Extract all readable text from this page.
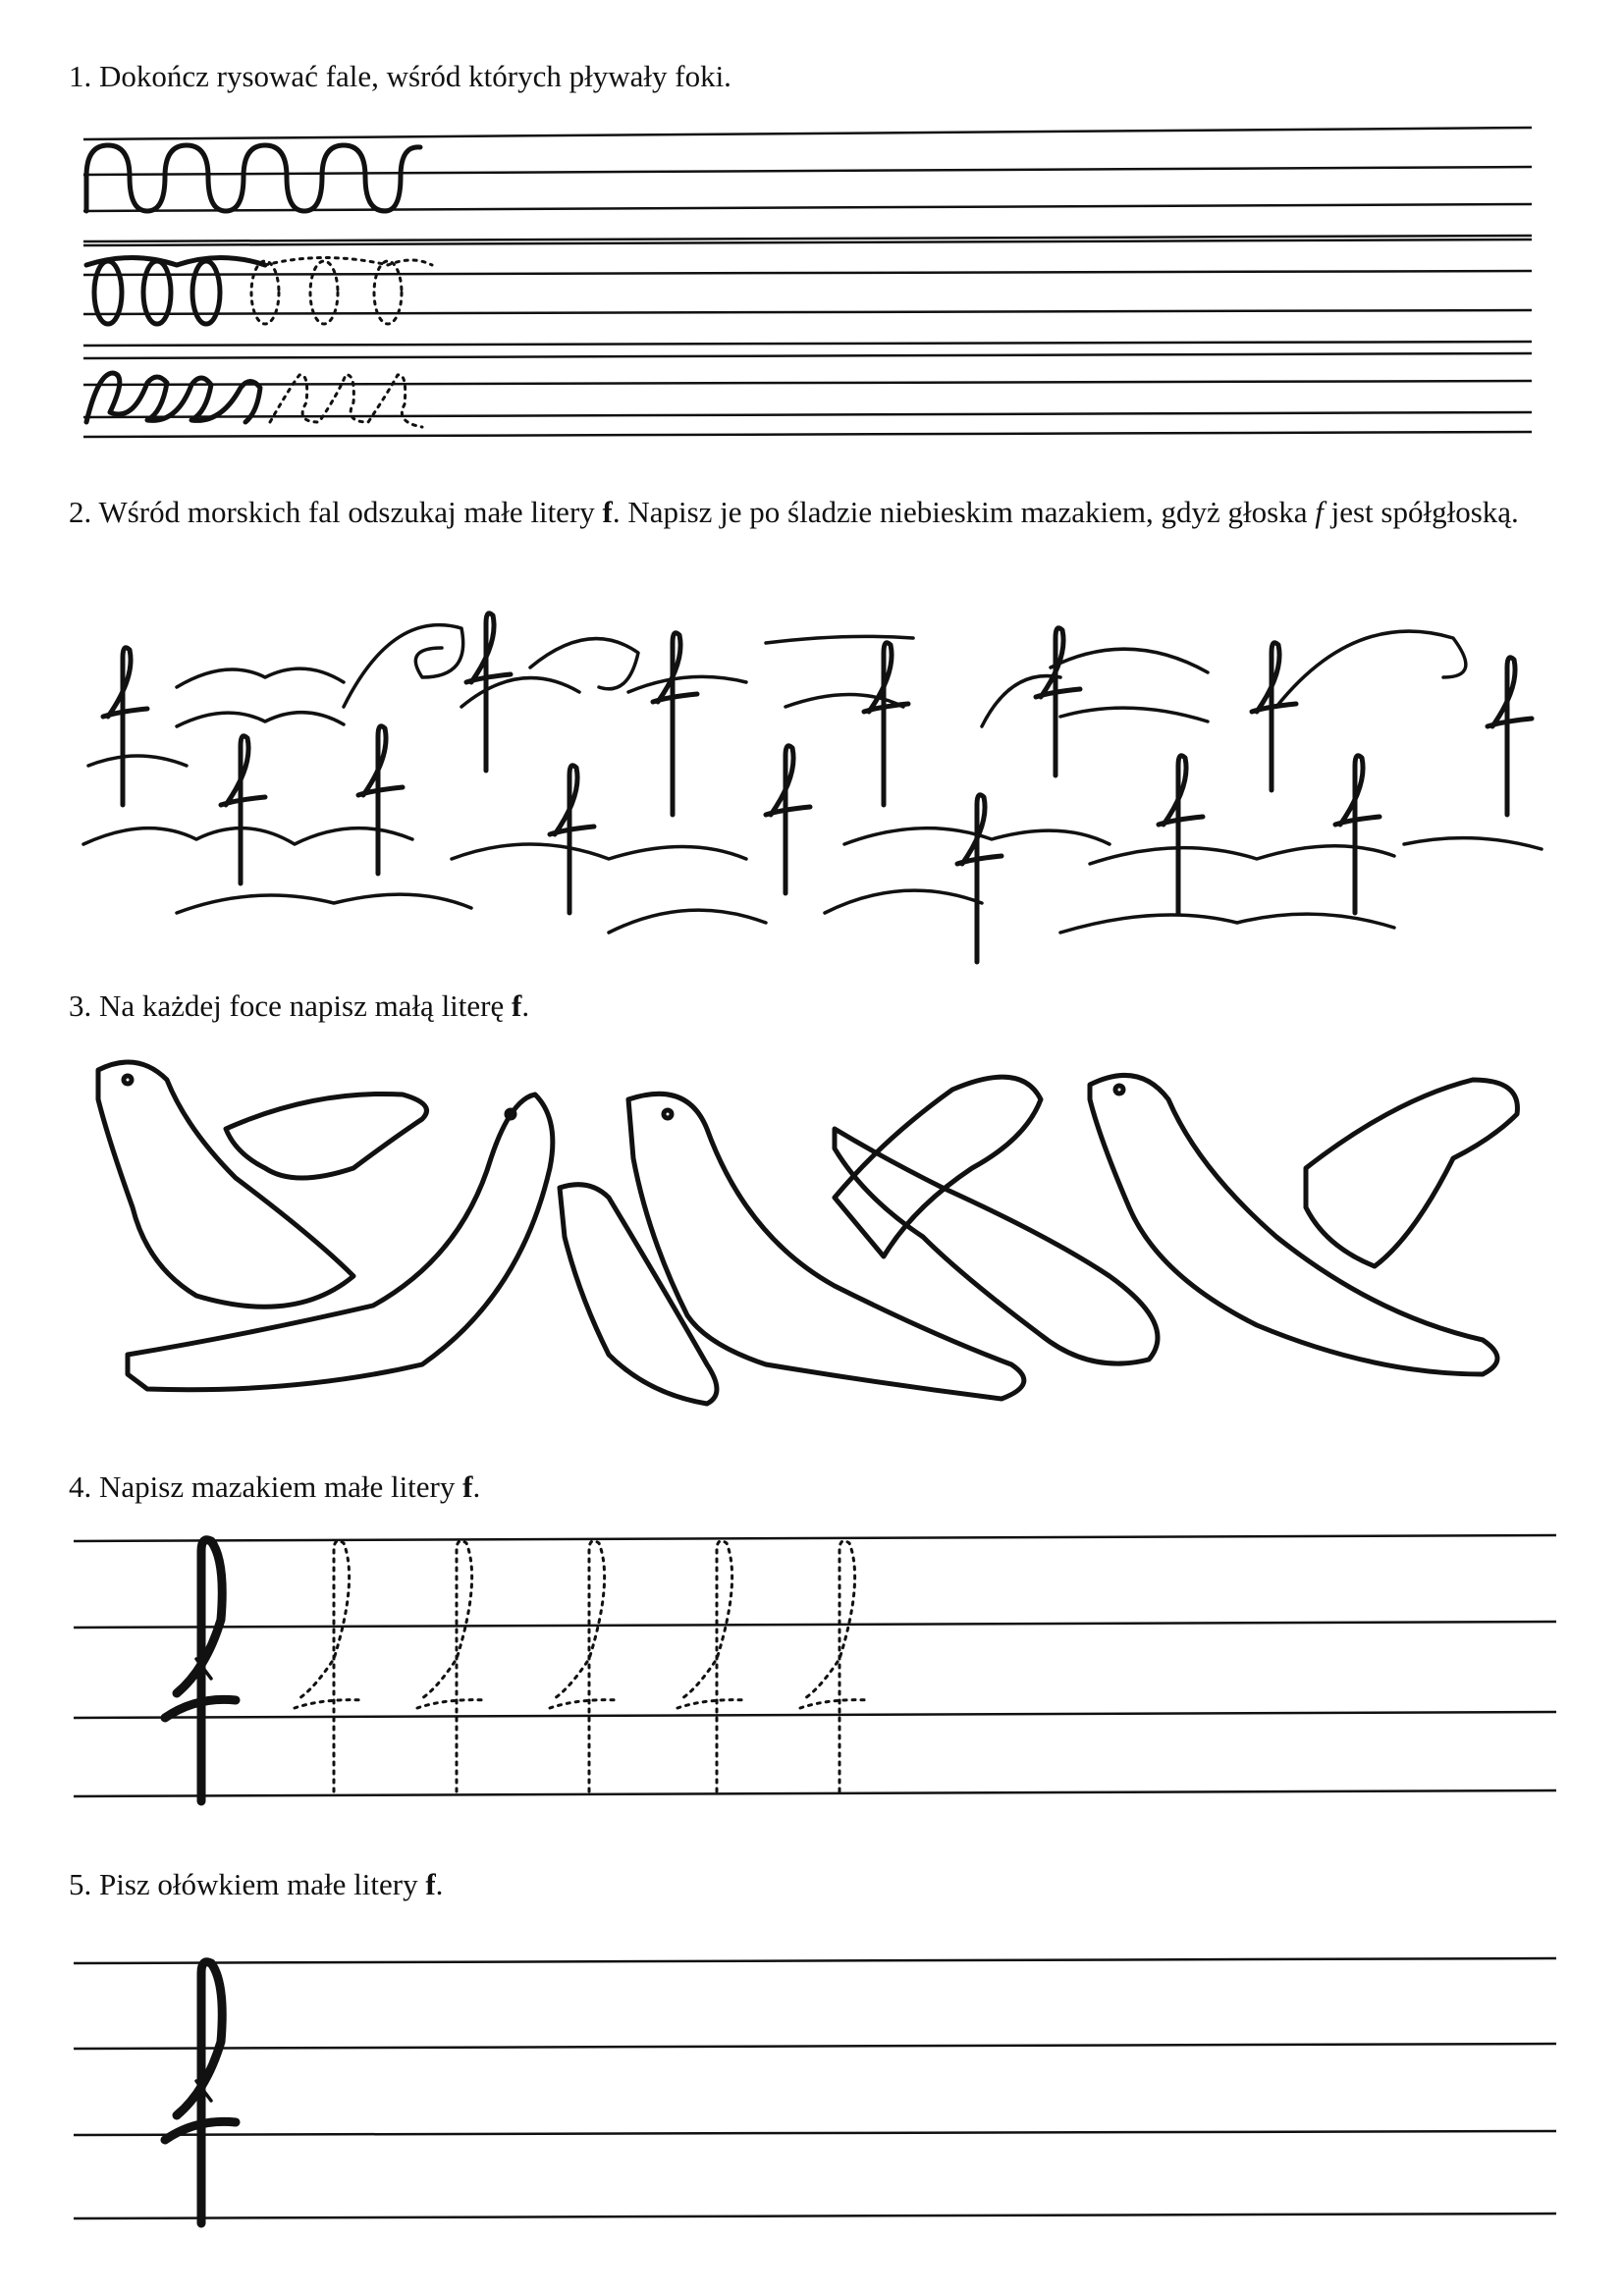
1. Dokończ rysować fale, wśród których pływały foki.
2. Wśród morskich fal odszukaj małe litery f. Napisz je po śladzie niebieskim mazakiem, gdyż głoska f jest spółgłoską.
3. Na każdej foce napisz małą literę f.
4. Napisz mazakiem małe litery f.
5. Pisz ołówkiem małe litery f.
